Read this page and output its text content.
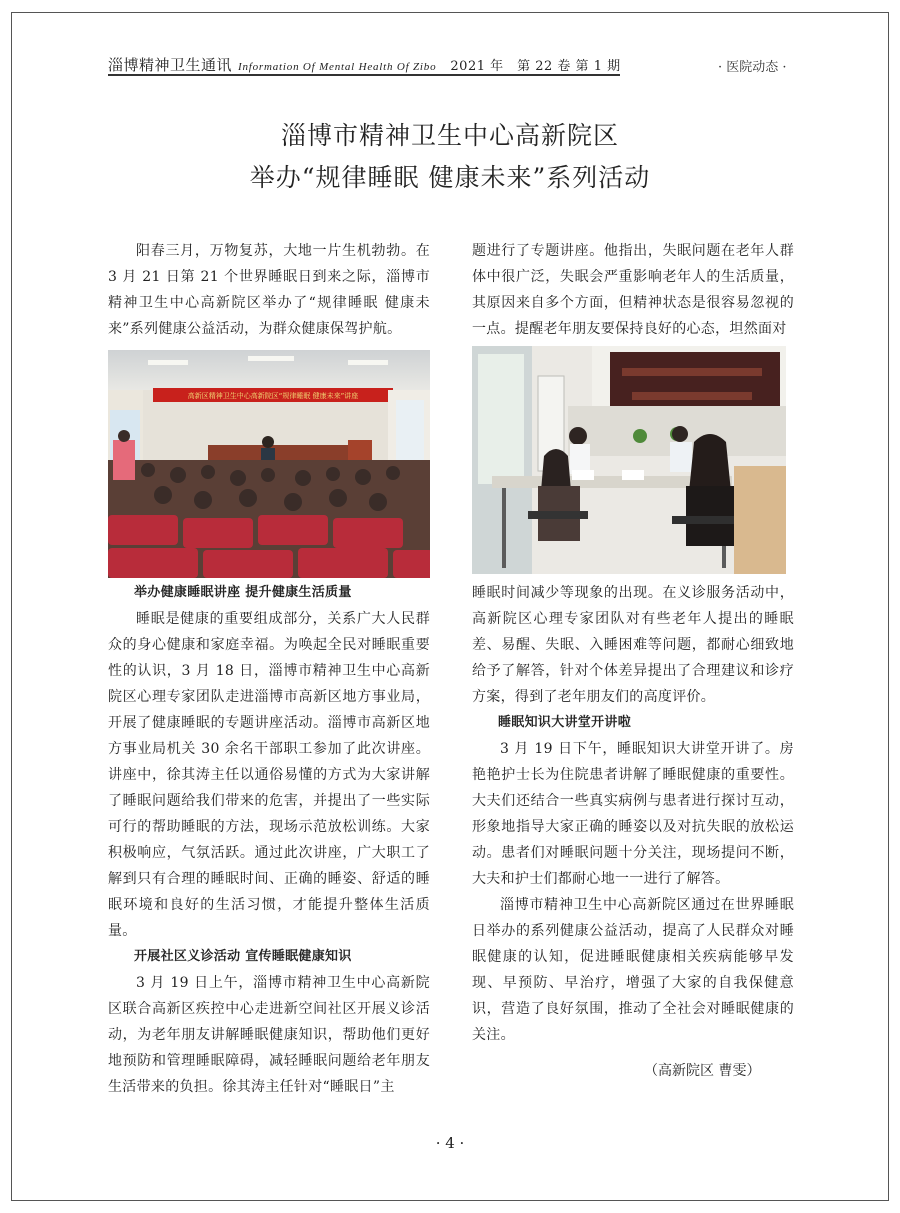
淄博精神卫生通讯 Information Of Mental Health Of Zibo 2021 年　第 22 卷 第 1 期	· 医院动态 ·
淄博市精神卫生中心高新院区
举办“规律睡眠 健康未来”系列活动

阳春三月，万物复苏，大地一片生机勃勃。在 3 月 21 日第 21 个世界睡眠日到来之际，淄博市精神卫生中心高新院区举办了“规律睡眠 健康未来”系列健康公益活动，为群众健康保驾护航。

高新区精神卫生中心高新院区“规律睡眠 健康未来”讲座
举办健康睡眠讲座 提升健康生活质量

睡眠是健康的重要组成部分，关系广大人民群众的身心健康和家庭幸福。为唤起全民对睡眠重要性的认识，3 月 18 日，淄博市精神卫生中心高新院区心理专家团队走进淄博市高新区地方事业局，开展了健康睡眠的专题讲座活动。淄博市高新区地方事业局机关 30 余名干部职工参加了此次讲座。讲座中，徐其涛主任以通俗易懂的方式为大家讲解了睡眠问题给我们带来的危害，并提出了一些实际可行的帮助睡眠的方法，现场示范放松训练。大家积极响应，气氛活跃。通过此次讲座，广大职工了解到只有合理的睡眠时间、正确的睡姿、舒适的睡眠环境和良好的生活习惯，才能提升整体生活质量。

开展社区义诊活动 宣传睡眠健康知识

3 月 19 日上午，淄博市精神卫生中心高新院区联合高新区疾控中心走进新空间社区开展义诊活动，为老年朋友讲解睡眠健康知识，帮助他们更好地预防和管理睡眠障碍，减轻睡眠问题给老年朋友生活带来的负担。徐其涛主任针对“睡眠日”主

题进行了专题讲座。他指出，失眠问题在老年人群体中很广泛，失眠会严重影响老年人的生活质量，其原因来自多个方面，但精神状态是很容易忽视的一点。提醒老年朋友要保持良好的心态，坦然面对

睡眠时间减少等现象的出现。在义诊服务活动中，高新院区心理专家团队对有些老年人提出的睡眠差、易醒、失眠、入睡困难等问题，都耐心细致地给予了解答，针对个体差异提出了合理建议和诊疗方案，得到了老年朋友们的高度评价。

睡眠知识大讲堂开讲啦

3 月 19 日下午，睡眠知识大讲堂开讲了。房艳艳护士长为住院患者讲解了睡眠健康的重要性。大夫们还结合一些真实病例与患者进行探讨互动，形象地指导大家正确的睡姿以及对抗失眠的放松运动。患者们对睡眠问题十分关注，现场提问不断，大夫和护士们都耐心地一一进行了解答。

淄博市精神卫生中心高新院区通过在世界睡眠日举办的系列健康公益活动，提高了人民群众对睡眠健康的认知，促进睡眠健康相关疾病能够早发现、早预防、早治疗，增强了大家的自我保健意识，营造了良好氛围，推动了全社会对睡眠健康的关注。

（高新院区 曹雯）
· 4 ·
